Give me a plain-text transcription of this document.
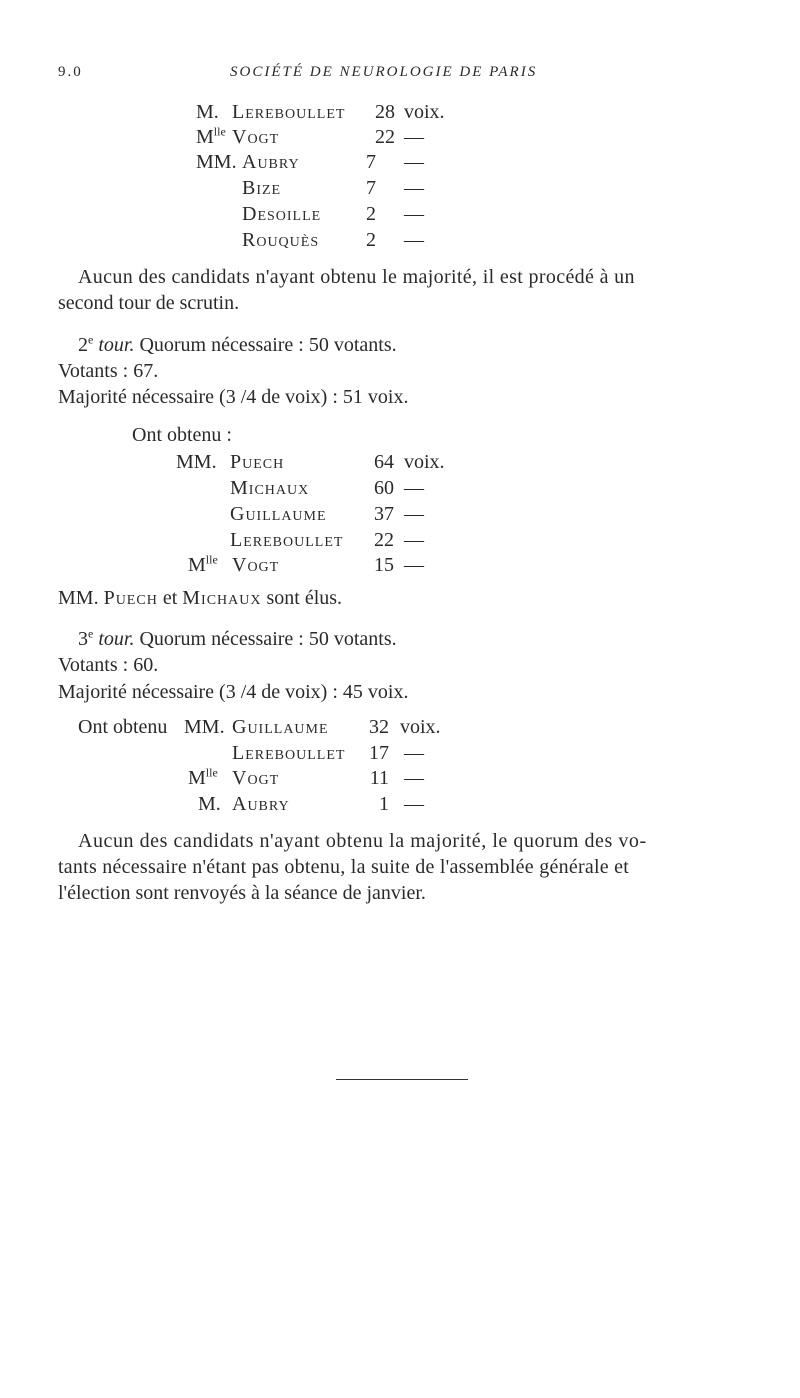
9.0	SOCIÉTÉ DE NEUROLOGIE DE PARIS
M. Lereboullet	28 voix.
$M^{lle}$ Vogt	22 —
MM. Aubry	7 —
Bize	7 —
Desoille	2 —
Rouquès	2 —
Aucun des candidats n'ayant obtenu le majorité, il est procédé à un
second tour de scrutin.
2e tour. Quorum nécessaire : 50 votants.
Votants : 67.
Majorité nécessaire (3 /4 de voix) : 51 voix.
Ont obtenu :
MM. Puech	64 voix.
Michaux	60 —
Guillaume	37 —
Lereboullet	22 —
$M^{lle}$ Vogt	15 —
MM. Puech et Michaux sont élus.
3e tour. Quorum nécessaire : 50 votants.
Votants : 60.
Majorité nécessaire (3 /4 de voix) : 45 voix.
Ont obtenu MM. Guillaume	32 voix.
Lereboullet	17 —
$M^{lle}$ Vogt	11 —
M. Aubry	1 —
Aucun des candidats n'ayant obtenu la majorité, le quorum des vo-
tants nécessaire n'étant pas obtenu, la suite de l'assemblée générale et
l'élection sont renvoyés à la séance de janvier.
